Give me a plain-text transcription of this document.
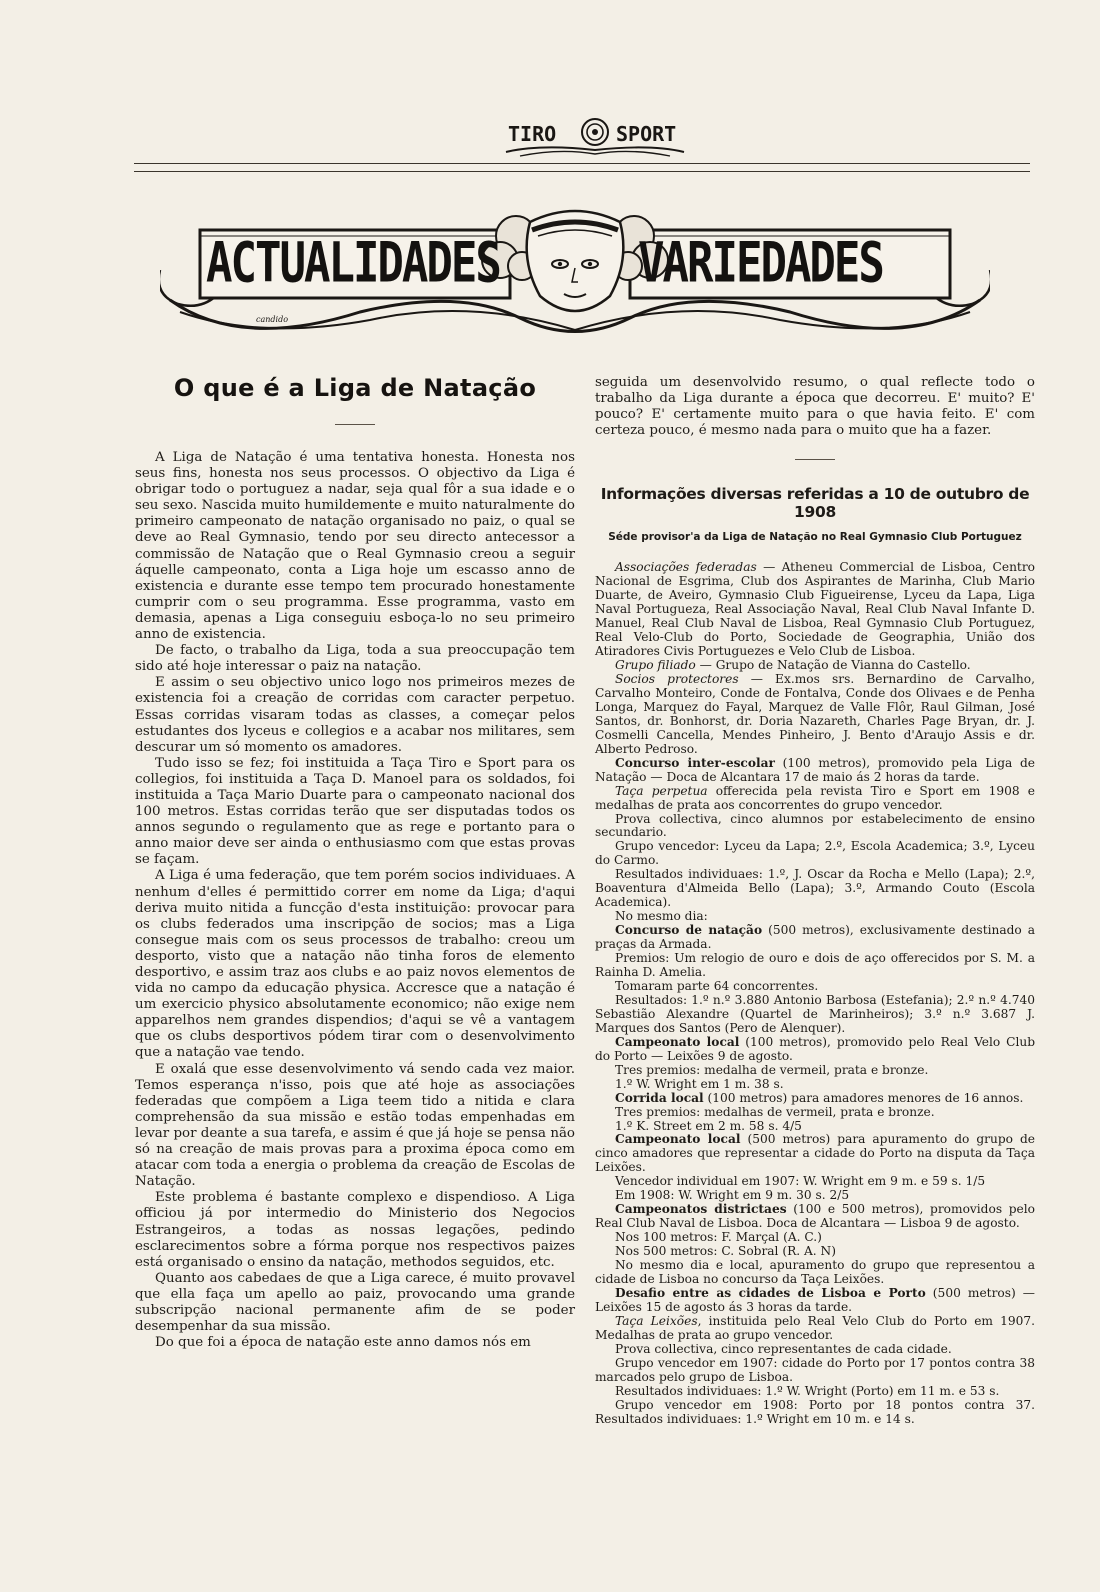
TIRO	SPORT
candido
ACTUALIDADES	VARIEDADES
O que é a Liga de Natação

A Liga de Natação é uma tentativa honesta. Honesta nos seus fins, honesta nos seus processos. O objectivo da Liga é obrigar todo o portuguez a nadar, seja qual fôr a sua idade e o seu sexo. Nascida muito humildemente e muito naturalmente do primeiro campeonato de natação organisado no paiz, o qual se deve ao Real Gymnasio, tendo por seu directo antecessor a commissão de Natação que o Real Gymnasio creou a seguir áquelle campeonato, conta a Liga hoje um escasso anno de existencia e durante esse tempo tem procurado honestamente cumprir com o seu programma. Esse programma, vasto em demasia, apenas a Liga conseguiu esboça-lo no seu primeiro anno de existencia.

De facto, o trabalho da Liga, toda a sua preoccupação tem sido até hoje interessar o paiz na natação.

E assim o seu objectivo unico logo nos primeiros mezes de existencia foi a creação de corridas com caracter perpetuo. Essas corridas visaram todas as classes, a começar pelos estudantes dos lyceus e collegios e a acabar nos militares, sem descurar um só momento os amadores.

Tudo isso se fez; foi instituida a Taça Tiro e Sport para os collegios, foi instituida a Taça D. Manoel para os soldados, foi instituida a Taça Mario Duarte para o campeonato nacional dos 100 metros. Estas corridas terão que ser disputadas todos os annos segundo o regulamento que as rege e portanto para o anno maior deve ser ainda o enthusiasmo com que estas provas se façam.

A Liga é uma federação, que tem porém socios individuaes. A nenhum d'elles é permittido correr em nome da Liga; d'aqui deriva muito nitida a funcção d'esta instituição: provocar para os clubs federados uma inscripção de socios; mas a Liga consegue mais com os seus processos de trabalho: creou um desporto, visto que a natação não tinha foros de elemento desportivo, e assim traz aos clubs e ao paiz novos elementos de vida no campo da educação physica. Accresce que a natação é um exercicio physico absolutamente economico; não exige nem apparelhos nem grandes dispendios; d'aqui se vê a vantagem que os clubs desportivos pódem tirar com o desenvolvimento que a natação vae tendo.

E oxalá que esse desenvolvimento vá sendo cada vez maior. Temos esperança n'isso, pois que até hoje as associações federadas que compõem a Liga teem tido a nitida e clara comprehensão da sua missão e estão todas empenhadas em levar por deante a sua tarefa, e assim é que já hoje se pensa não só na creação de mais provas para a proxima época como em atacar com toda a energia o problema da creação de Escolas de Natação.

Este problema é bastante complexo e dispendioso. A Liga officiou já por intermedio do Ministerio dos Negocios Estrangeiros, a todas as nossas legações, pedindo esclarecimentos sobre a fórma porque nos respectivos paizes está organisado o ensino da natação, methodos seguidos, etc.

Quanto aos cabedaes de que a Liga carece, é muito provavel que ella faça um apello ao paiz, provocando uma grande subscripção nacional permanente afim de se poder desempenhar da sua missão.

Do que foi a época de natação este anno damos nós em

seguida um desenvolvido resumo, o qual reflecte todo o trabalho da Liga durante a época que decorreu. E' muito? E' pouco? E' certamente muito para o que havia feito. E' com certeza pouco, é mesmo nada para o muito que ha a fazer.

Informações diversas referidas a 10 de outubro de 1908
Séde provisor'a da Liga de Natação no Real Gymnasio Club Portuguez

Associações federadas — Atheneu Commercial de Lisboa, Centro Nacional de Esgrima, Club dos Aspirantes de Marinha, Club Mario Duarte, de Aveiro, Gymnasio Club Figueirense, Lyceu da Lapa, Liga Naval Portugueza, Real Associação Naval, Real Club Naval Infante D. Manuel, Real Club Naval de Lisboa, Real Gymnasio Club Portuguez, Real Velo-Club do Porto, Sociedade de Geographia, União dos Atiradores Civis Portuguezes e Velo Club de Lisboa.

Grupo filiado — Grupo de Natação de Vianna do Castello.

Socios protectores — Ex.mos srs. Bernardino de Carvalho, Carvalho Monteiro, Conde de Fontalva, Conde dos Olivaes e de Penha Longa, Marquez do Fayal, Marquez de Valle Flôr, Raul Gilman, José Santos, dr. Bonhorst, dr. Doria Nazareth, Charles Page Bryan, dr. J. Cosmelli Cancella, Mendes Pinheiro, J. Bento d'Araujo Assis e dr. Alberto Pedroso.

Concurso inter-escolar (100 metros), promovido pela Liga de Natação — Doca de Alcantara 17 de maio ás 2 horas da tarde.

Taça perpetua offerecida pela revista Tiro e Sport em 1908 e medalhas de prata aos concorrentes do grupo vencedor.

Prova collectiva, cinco alumnos por estabelecimento de ensino secundario.

Grupo vencedor: Lyceu da Lapa; 2.º, Escola Academica; 3.º, Lyceu do Carmo.

Resultados individuaes: 1.º, J. Oscar da Rocha e Mello (Lapa); 2.º, Boaventura d'Almeida Bello (Lapa); 3.º, Armando Couto (Escola Academica).

No mesmo dia:

Concurso de natação (500 metros), exclusivamente destinado a praças da Armada.

Premios: Um relogio de ouro e dois de aço offerecidos por S. M. a Rainha D. Amelia.

Tomaram parte 64 concorrentes.

Resultados: 1.º n.º 3.880 Antonio Barbosa (Estefania); 2.º n.º 4.740 Sebastião Alexandre (Quartel de Marinheiros); 3.º n.º 3.687 J. Marques dos Santos (Pero de Alenquer).

Campeonato local (100 metros), promovido pelo Real Velo Club do Porto — Leixões 9 de agosto.

Tres premios: medalha de vermeil, prata e bronze.

1.º W. Wright em 1 m. 38 s.

Corrida local (100 metros) para amadores menores de 16 annos.

Tres premios: medalhas de vermeil, prata e bronze.

1.º K. Street em 2 m. 58 s. 4/5

Campeonato local (500 metros) para apuramento do grupo de cinco amadores que representar a cidade do Porto na disputa da Taça Leixões.

Vencedor individual em 1907: W. Wright em 9 m. e 59 s. 1/5

Em 1908: W. Wright em 9 m. 30 s. 2/5

Campeonatos districtaes (100 e 500 metros), promovidos pelo Real Club Naval de Lisboa. Doca de Alcantara — Lisboa 9 de agosto.

Nos 100 metros: F. Marçal (A. C.)

Nos 500 metros: C. Sobral (R. A. N)

No mesmo dia e local, apuramento do grupo que representou a cidade de Lisboa no concurso da Taça Leixões.

Desafio entre as cidades de Lisboa e Porto (500 metros) — Leixões 15 de agosto ás 3 horas da tarde.

Taça Leixões, instituida pelo Real Velo Club do Porto em 1907. Medalhas de prata ao grupo vencedor.

Prova collectiva, cinco representantes de cada cidade.

Grupo vencedor em 1907: cidade do Porto por 17 pontos contra 38 marcados pelo grupo de Lisboa.

Resultados individuaes: 1.º W. Wright (Porto) em 11 m. e 53 s.

Grupo vencedor em 1908: Porto por 18 pontos contra 37. Resultados individuaes: 1.º Wright em 10 m. e 14 s.
